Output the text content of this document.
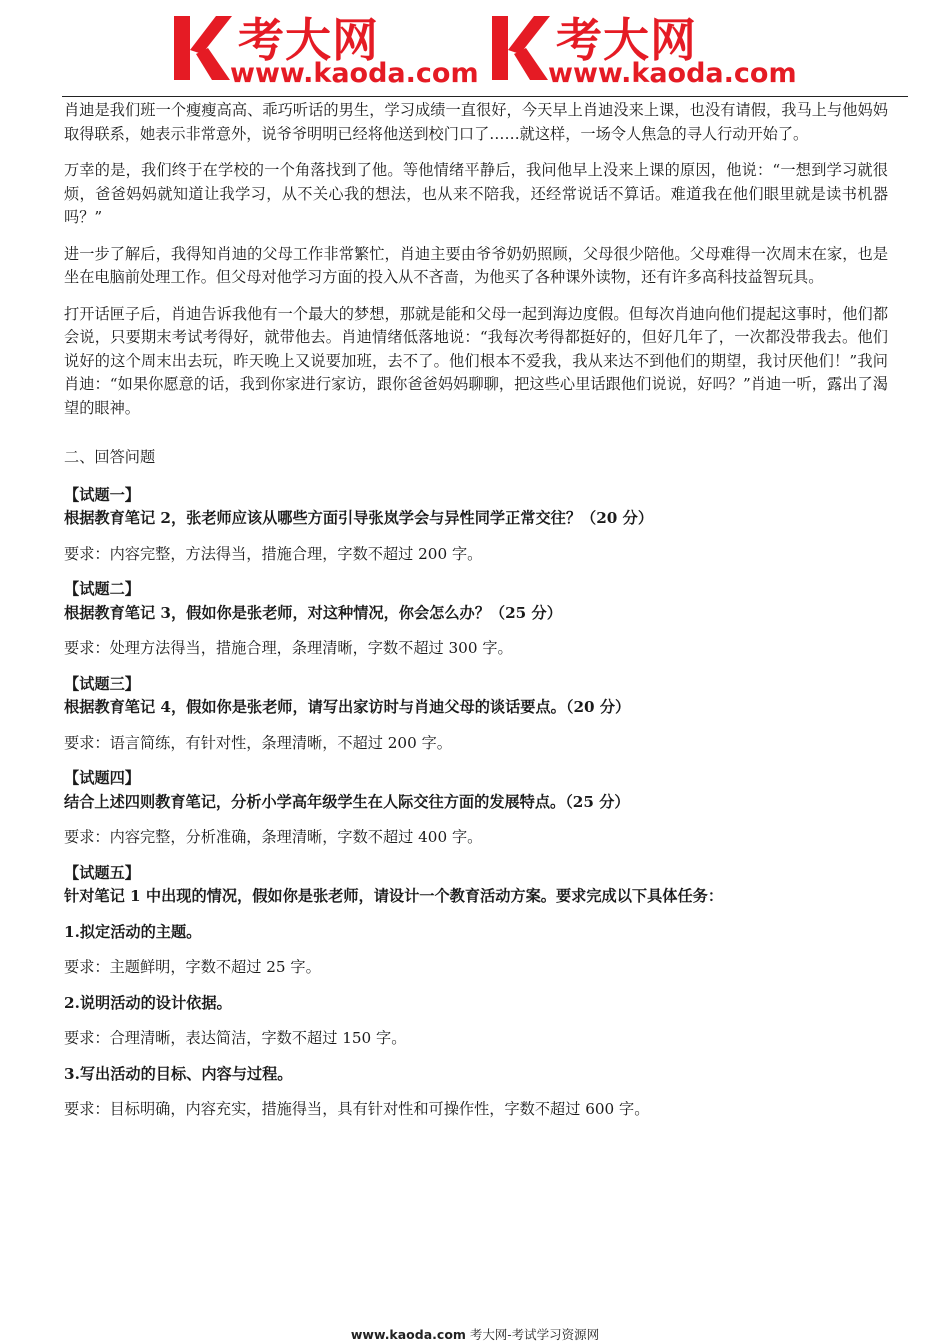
考大网
www.kaoda.com
考大网
www.kaoda.com

肖迪是我们班一个瘦瘦高高、乖巧听话的男生，学习成绩一直很好，今天早上肖迪没来上课，也没有请假，我马上与他妈妈取得联系，她表示非常意外，说爷爷明明已经将他送到校门口了……就这样，一场令人焦急的寻人行动开始了。

万幸的是，我们终于在学校的一个角落找到了他。等他情绪平静后，我问他早上没来上课的原因，他说：“一想到学习就很烦，爸爸妈妈就知道让我学习，从不关心我的想法，也从来不陪我，还经常说话不算话。难道我在他们眼里就是读书机器吗？”

进一步了解后，我得知肖迪的父母工作非常繁忙，肖迪主要由爷爷奶奶照顾，父母很少陪他。父母难得一次周末在家，也是坐在电脑前处理工作。但父母对他学习方面的投入从不吝啬，为他买了各种课外读物，还有许多高科技益智玩具。

打开话匣子后，肖迪告诉我他有一个最大的梦想，那就是能和父母一起到海边度假。但每次肖迪向他们提起这事时，他们都会说，只要期末考试考得好，就带他去。肖迪情绪低落地说：“我每次考得都挺好的，但好几年了，一次都没带我去。他们说好的这个周末出去玩，昨天晚上又说要加班，去不了。他们根本不爱我，我从来达不到他们的期望，我讨厌他们！”我问肖迪：“如果你愿意的话，我到你家进行家访，跟你爸爸妈妈聊聊，把这些心里话跟他们说说，好吗？”肖迪一听，露出了渴望的眼神。

二、回答问题

【试题一】

根据教育笔记 2，张老师应该从哪些方面引导张岚学会与异性同学正常交往？（20 分）

要求：内容完整，方法得当，措施合理，字数不超过 200 字。

【试题二】

根据教育笔记 3，假如你是张老师，对这种情况，你会怎么办？（25 分）

要求：处理方法得当，措施合理，条理清晰，字数不超过 300 字。

【试题三】

根据教育笔记 4，假如你是张老师，请写出家访时与肖迪父母的谈话要点。（20 分）

要求：语言简练，有针对性，条理清晰，不超过 200 字。

【试题四】

结合上述四则教育笔记，分析小学高年级学生在人际交往方面的发展特点。（25 分）

要求：内容完整，分析准确，条理清晰，字数不超过 400 字。

【试题五】

针对笔记 1 中出现的情况，假如你是张老师，请设计一个教育活动方案。要求完成以下具体任务：

1.拟定活动的主题。

要求：主题鲜明，字数不超过 25 字。

2.说明活动的设计依据。

要求：合理清晰，表达简洁，字数不超过 150 字。

3.写出活动的目标、内容与过程。

要求：目标明确，内容充实，措施得当，具有针对性和可操作性，字数不超过 600 字。

www.kaoda.com 考大网-考试学习资源网
